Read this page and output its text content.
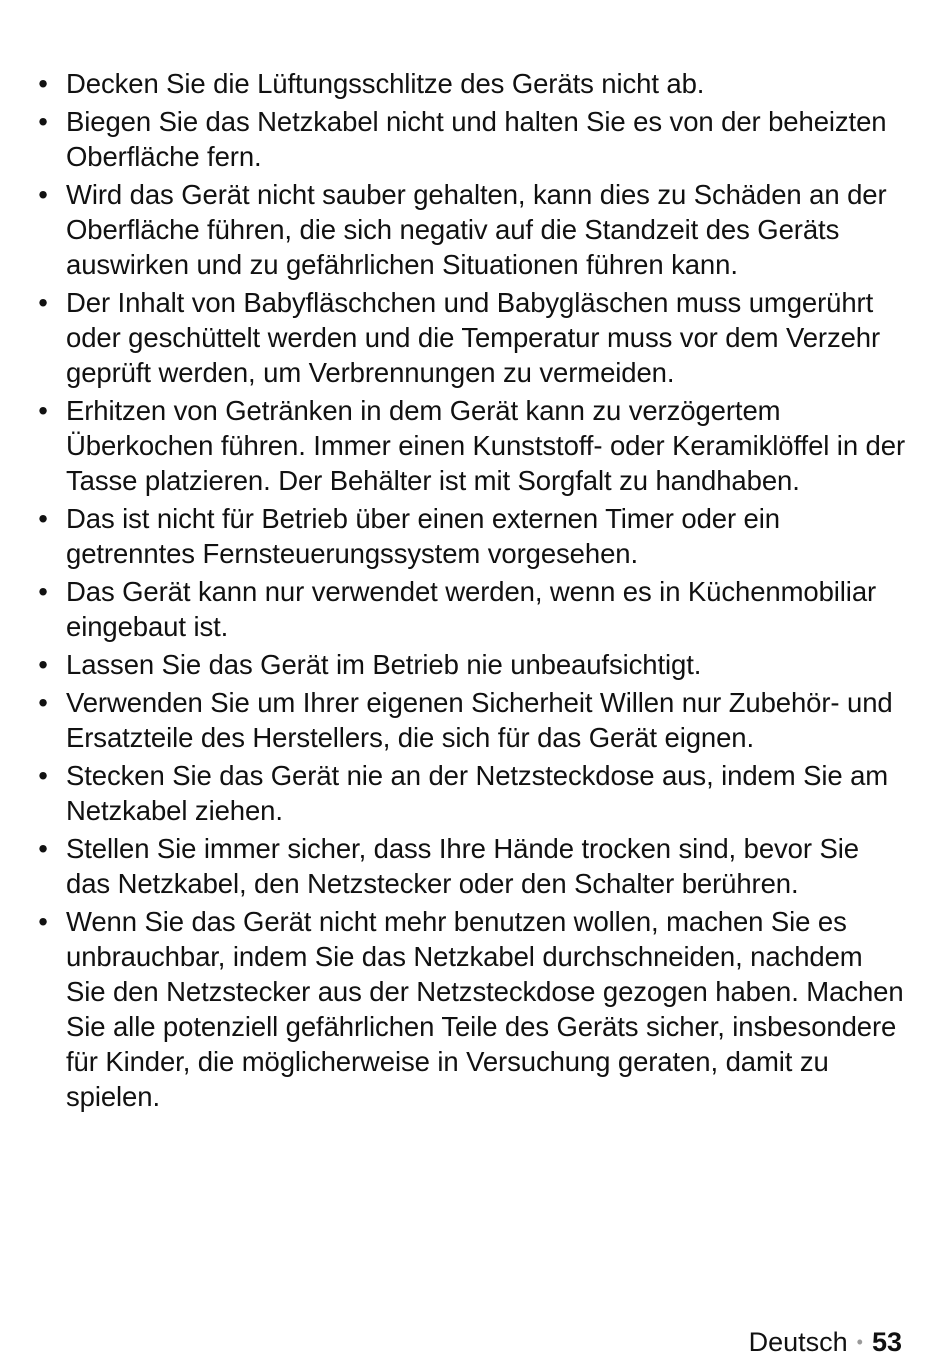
• Decken Sie die Lüftungsschlitze des Geräts nicht ab.
• Biegen Sie das Netzkabel nicht und halten Sie es von der beheizten Oberfläche fern.
• Wird das Gerät nicht sauber gehalten, kann dies zu Schäden an der Oberfläche führen, die sich negativ auf die Standzeit des Geräts auswirken und zu gefährlichen Situationen führen kann.
• Der Inhalt von Babyfläschchen und Babygläschen muss umgerührt oder geschüttelt werden und die Temperatur muss vor dem Verzehr geprüft werden, um Verbrennungen zu vermeiden.
• Erhitzen von Getränken in dem Gerät kann zu verzögertem Überkochen führen. Immer einen Kunststoff- oder Keramiklöffel in der Tasse platzieren. Der Behälter ist mit Sorgfalt zu handhaben.
• Das ist nicht für Betrieb über einen externen Timer oder ein getrenntes Fernsteuerungssystem vorgesehen.
• Das Gerät kann nur verwendet werden, wenn es in Küchenmobiliar eingebaut ist.
• Lassen Sie das Gerät im Betrieb nie unbeaufsichtigt.
• Verwenden Sie um Ihrer eigenen Sicherheit Willen nur Zubehör- und Ersatzteile des Herstellers, die sich für das Gerät eignen.
• Stecken Sie das Gerät nie an der Netzsteckdose aus, indem Sie am Netzkabel ziehen.
• Stellen Sie immer sicher, dass Ihre Hände trocken sind, bevor Sie das Netzkabel, den Netzstecker oder den Schalter berühren.
• Wenn Sie das Gerät nicht mehr benutzen wollen, machen Sie es unbrauchbar, indem Sie das Netzkabel durchschneiden, nachdem Sie den Netzstecker aus der Netzsteckdose gezogen haben. Machen Sie alle potenziell gefährlichen Teile des Geräts sicher, insbesondere für Kinder, die möglicherweise in Versuchung geraten, damit zu spielen.
Deutsch • 53
